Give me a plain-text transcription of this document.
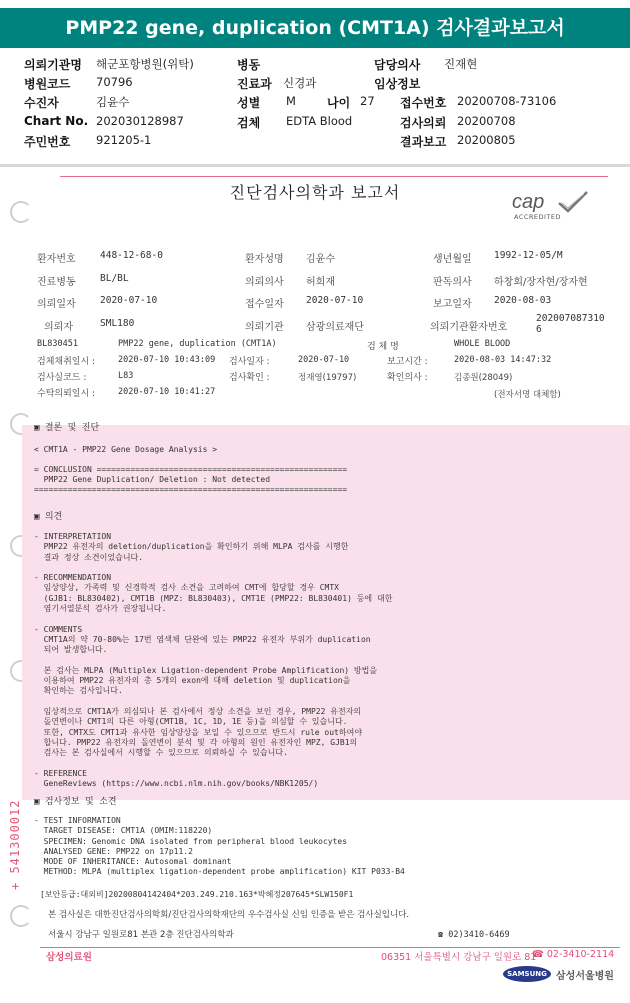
PMP22 gene, duplication (CMT1A) 검사결과보고서
의뢰기관명 해군포항병원(위탁)	병동	담당의사 진재현
병원코드 70796	진료과 신경과	임상정보
수진자	김윤수	성별 M	나이 27 접수번호 20200708-73106
Chart No. 202030128987	검체 EDTA Blood	검사의뢰 20200708
주민번호 921205-1	결과보고 20200805
진단검사의학과 보고서	cap
ACCREDITED
환자번호	448-12-68-0	환자성명 김윤수	생년월일 1992-12-05/M
진료병동	BL/BL	의뢰의사 허희재	판독의사 하창회/장자현/장자현
의뢰일자	2020-07-10	접수일자 2020-07-10	보고일자 2020-08-03
의뢰자	SML180	의뢰기관 삼광의료재단	의뢰기관환자번호
202007087310 6
BL830451	PMP22 gene, duplication (CMT1A)	검 체 명	WHOLE BLOOD
검체채취일시 :	2020-07-10 10:43:09 검사일자 :	2020-07-10	보고시간 :	2020-08-03 14:47:32
검사실코드 :	L83	검사확인 :	정재영(19797)	확인의사 :	김종원(28049)
수탁의뢰일시 :	2020-07-10 10:41:27	(전자서명 대체함)
▣ 결론 및 진단
< CMT1A - PMP22 Gene Dosage Analysis >

= CONCLUSION ====================================================
PMP22 Gene Duplication/ Deletion : Not detected
=================================================================
▣ 의견
- INTERPRETATION
PMP22 유전자의 deletion/duplication을 확인하기 위해 MLPA 검사를 시행한
결과 정상 소견이었습니다.

- RECOMMENDATION
임상양상, 가족력 및 신경학적 검사 소견을 고려하여 CMT에 합당할 경우 CMTX
(GJB1: BL830402), CMT1B (MPZ: BL830403), CMT1E (PMP22: BL830401) 등에 대한
염기서열분석 검사가 권장됩니다.

- COMMENTS
CMT1A의 약 70-80%는 17번 염색체 단완에 있는 PMP22 유전자 부위가 duplication
되어 발생합니다.

본 검사는 MLPA (Multiplex Ligation-dependent Probe Amplification) 방법을
이용하여 PMP22 유전자의 총 5개의 exon에 대해 deletion 및 duplication을
확인하는 검사입니다.

임상적으로 CMT1A가 의심되나 본 검사에서 정상 소견을 보인 경우, PMP22 유전자의
돌연변이나 CMT1의 다른 아형(CMT1B, 1C, 1D, 1E 등)을 의심할 수 있습니다.
또한, CMTX도 CMT1과 유사한 임상양상을 보일 수 있으므로 반드시 rule out하여야
합니다. PMP22 유전자의 돌연변이 분석 및 각 아형의 원인 유전자인 MPZ, GJB1의
검사는 본 검사실에서 시행할 수 있으므로 의뢰하실 수 있습니다.

- REFERENCE
GeneReviews (https://www.ncbi.nlm.nih.gov/books/NBK1205/)
▣ 검사정보 및 소견
- TEST INFORMATION
TARGET DISEASE: CMT1A (OMIM:118220)
SPECIMEN: Genomic DNA isolated from peripheral blood leukocytes
ANALYSED GENE: PMP22 on 17p11.2
MODE OF INHERITANCE: Autosomal dominant
METHOD: MLPA (multiplex ligation-dependent probe amplification) KIT P033-B4
+ 541300012
[보안등급:대외비]20200804142404*203.249.210.163*박혜정207645*SLW150F1
본 검사실은 대한진단검사의학회/진단검사의학재단의 우수검사실 신임 인증을 받은 검사실입니다.
서울시 강남구 일원로81 본관 2층 진단검사의학과	☎ 02)3410-6469
삼성의료원	06351 서울특별시 강남구 일원로 81
☎ 02-3410-2114
SAMSUNG 삼성서울병원
